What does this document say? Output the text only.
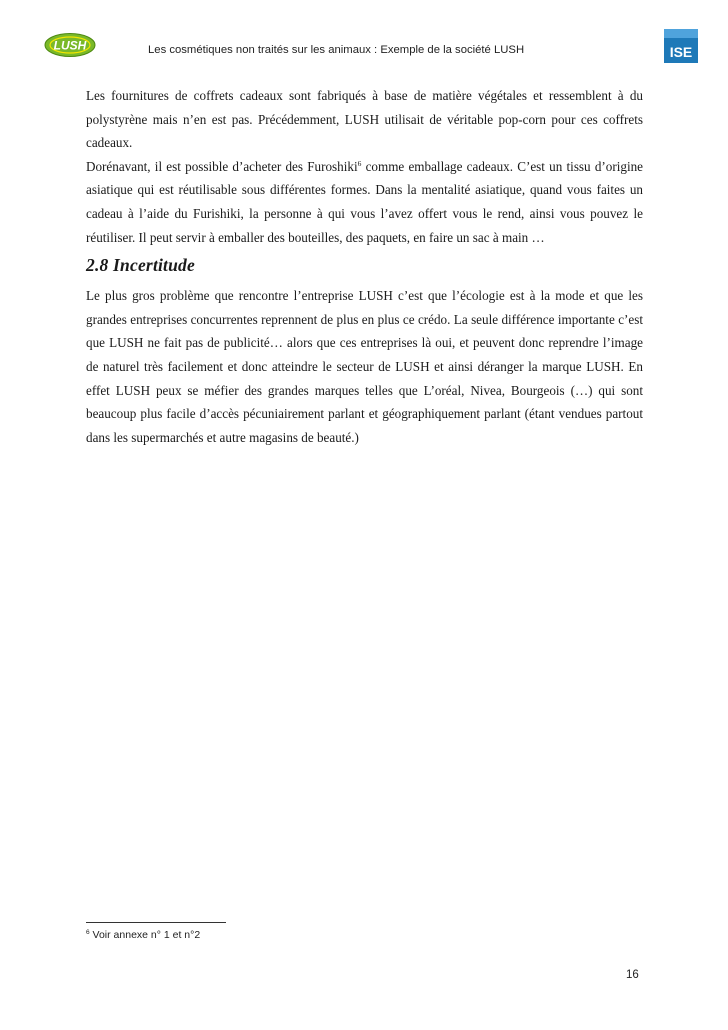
LUSH	Les cosmétiques non traités sur les animaux : Exemple de la société LUSH	ISE

Les fournitures de coffrets cadeaux sont fabriqués à base de matière végétales et ressemblent à du polystyrène mais n’en est pas. Précédemment, LUSH utilisait de véritable pop-corn pour ces coffrets cadeaux.

Dorénavant, il est possible d’acheter des Furoshiki$^6$ comme emballage cadeaux. C’est un tissu d’origine asiatique qui est réutilisable sous différentes formes. Dans la mentalité asiatique, quand vous faites un cadeau à l’aide du Furishiki, la personne à qui vous l’avez offert vous le rend, ainsi vous pouvez le réutiliser. Il peut servir à emballer des bouteilles, des paquets, en faire un sac à main …

2.8 Incertitude

Le plus gros problème que rencontre l’entreprise LUSH c’est que l’écologie est à la mode et que les grandes entreprises concurrentes reprennent de plus en plus ce crédo. La seule différence importante c’est que LUSH ne fait pas de publicité… alors que ces entreprises là oui, et peuvent donc reprendre l’image de naturel très facilement et donc atteindre le secteur de LUSH et ainsi déranger la marque LUSH. En effet LUSH peux se méfier des grandes marques telles que L’oréal, Nivea, Bourgeois (…) qui sont beaucoup plus facile d’accès pécuniairement parlant et géographiquement parlant (étant vendues partout dans les supermarchés et autre magasins de beauté.)

$^6$ Voir annexe n° 1 et n°2
16
